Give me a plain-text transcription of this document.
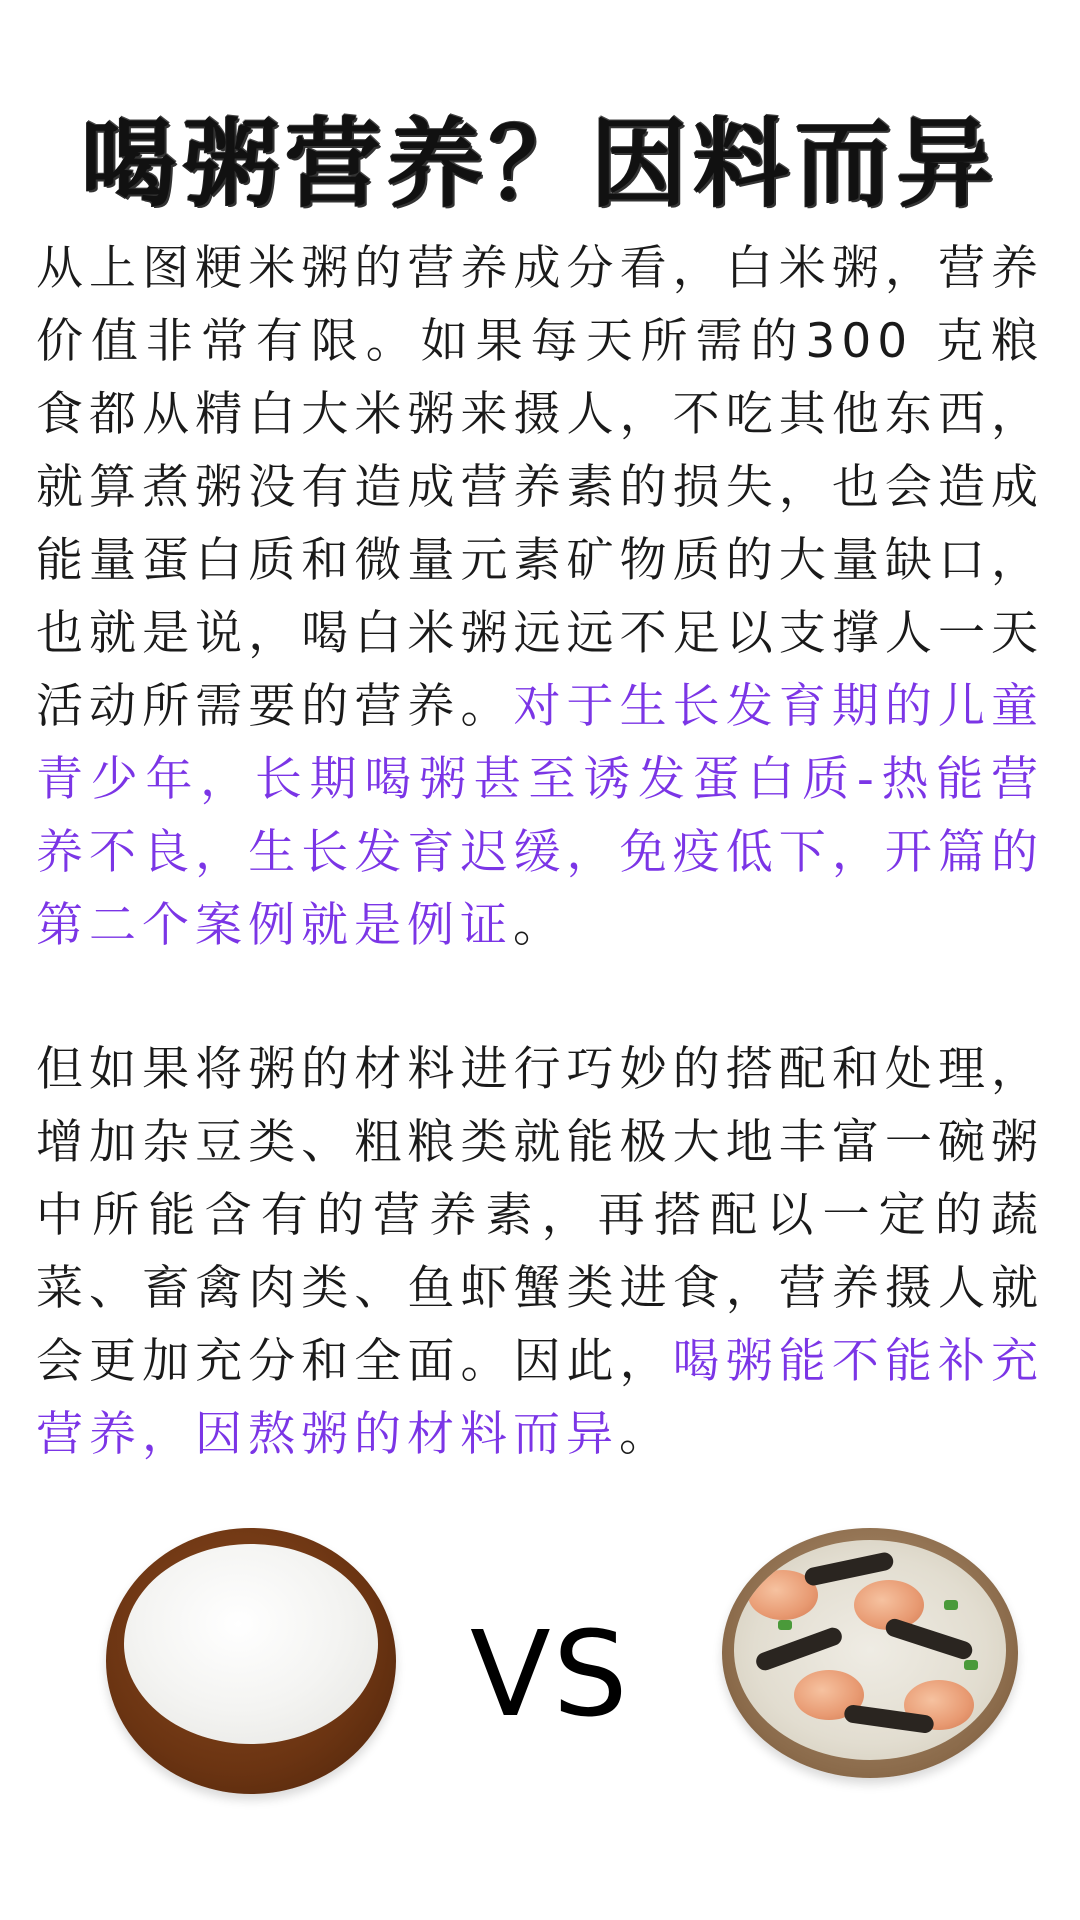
喝粥营养？因料而异

从上图粳米粥的营养成分看，白米粥，营养价值非常有限。如果每天所需的300 克粮食都从精白大米粥来摄人，不吃其他东西，就算煮粥没有造成营养素的损失，也会造成能量蛋白质和微量元素矿物质的大量缺口，也就是说，喝白米粥远远不足以支撑人一天活动所需要的营养。对于生长发育期的儿童青少年，长期喝粥甚至诱发蛋白质-热能营养不良，生长发育迟缓，免疫低下，开篇的第二个案例就是例证。

但如果将粥的材料进行巧妙的搭配和处理，增加杂豆类、粗粮类就能极大地丰富一碗粥中所能含有的营养素，再搭配以一定的蔬菜、畜禽肉类、鱼虾蟹类进食，营养摄人就会更加充分和全面。因此，喝粥能不能补充营养，因熬粥的材料而异。

VS
